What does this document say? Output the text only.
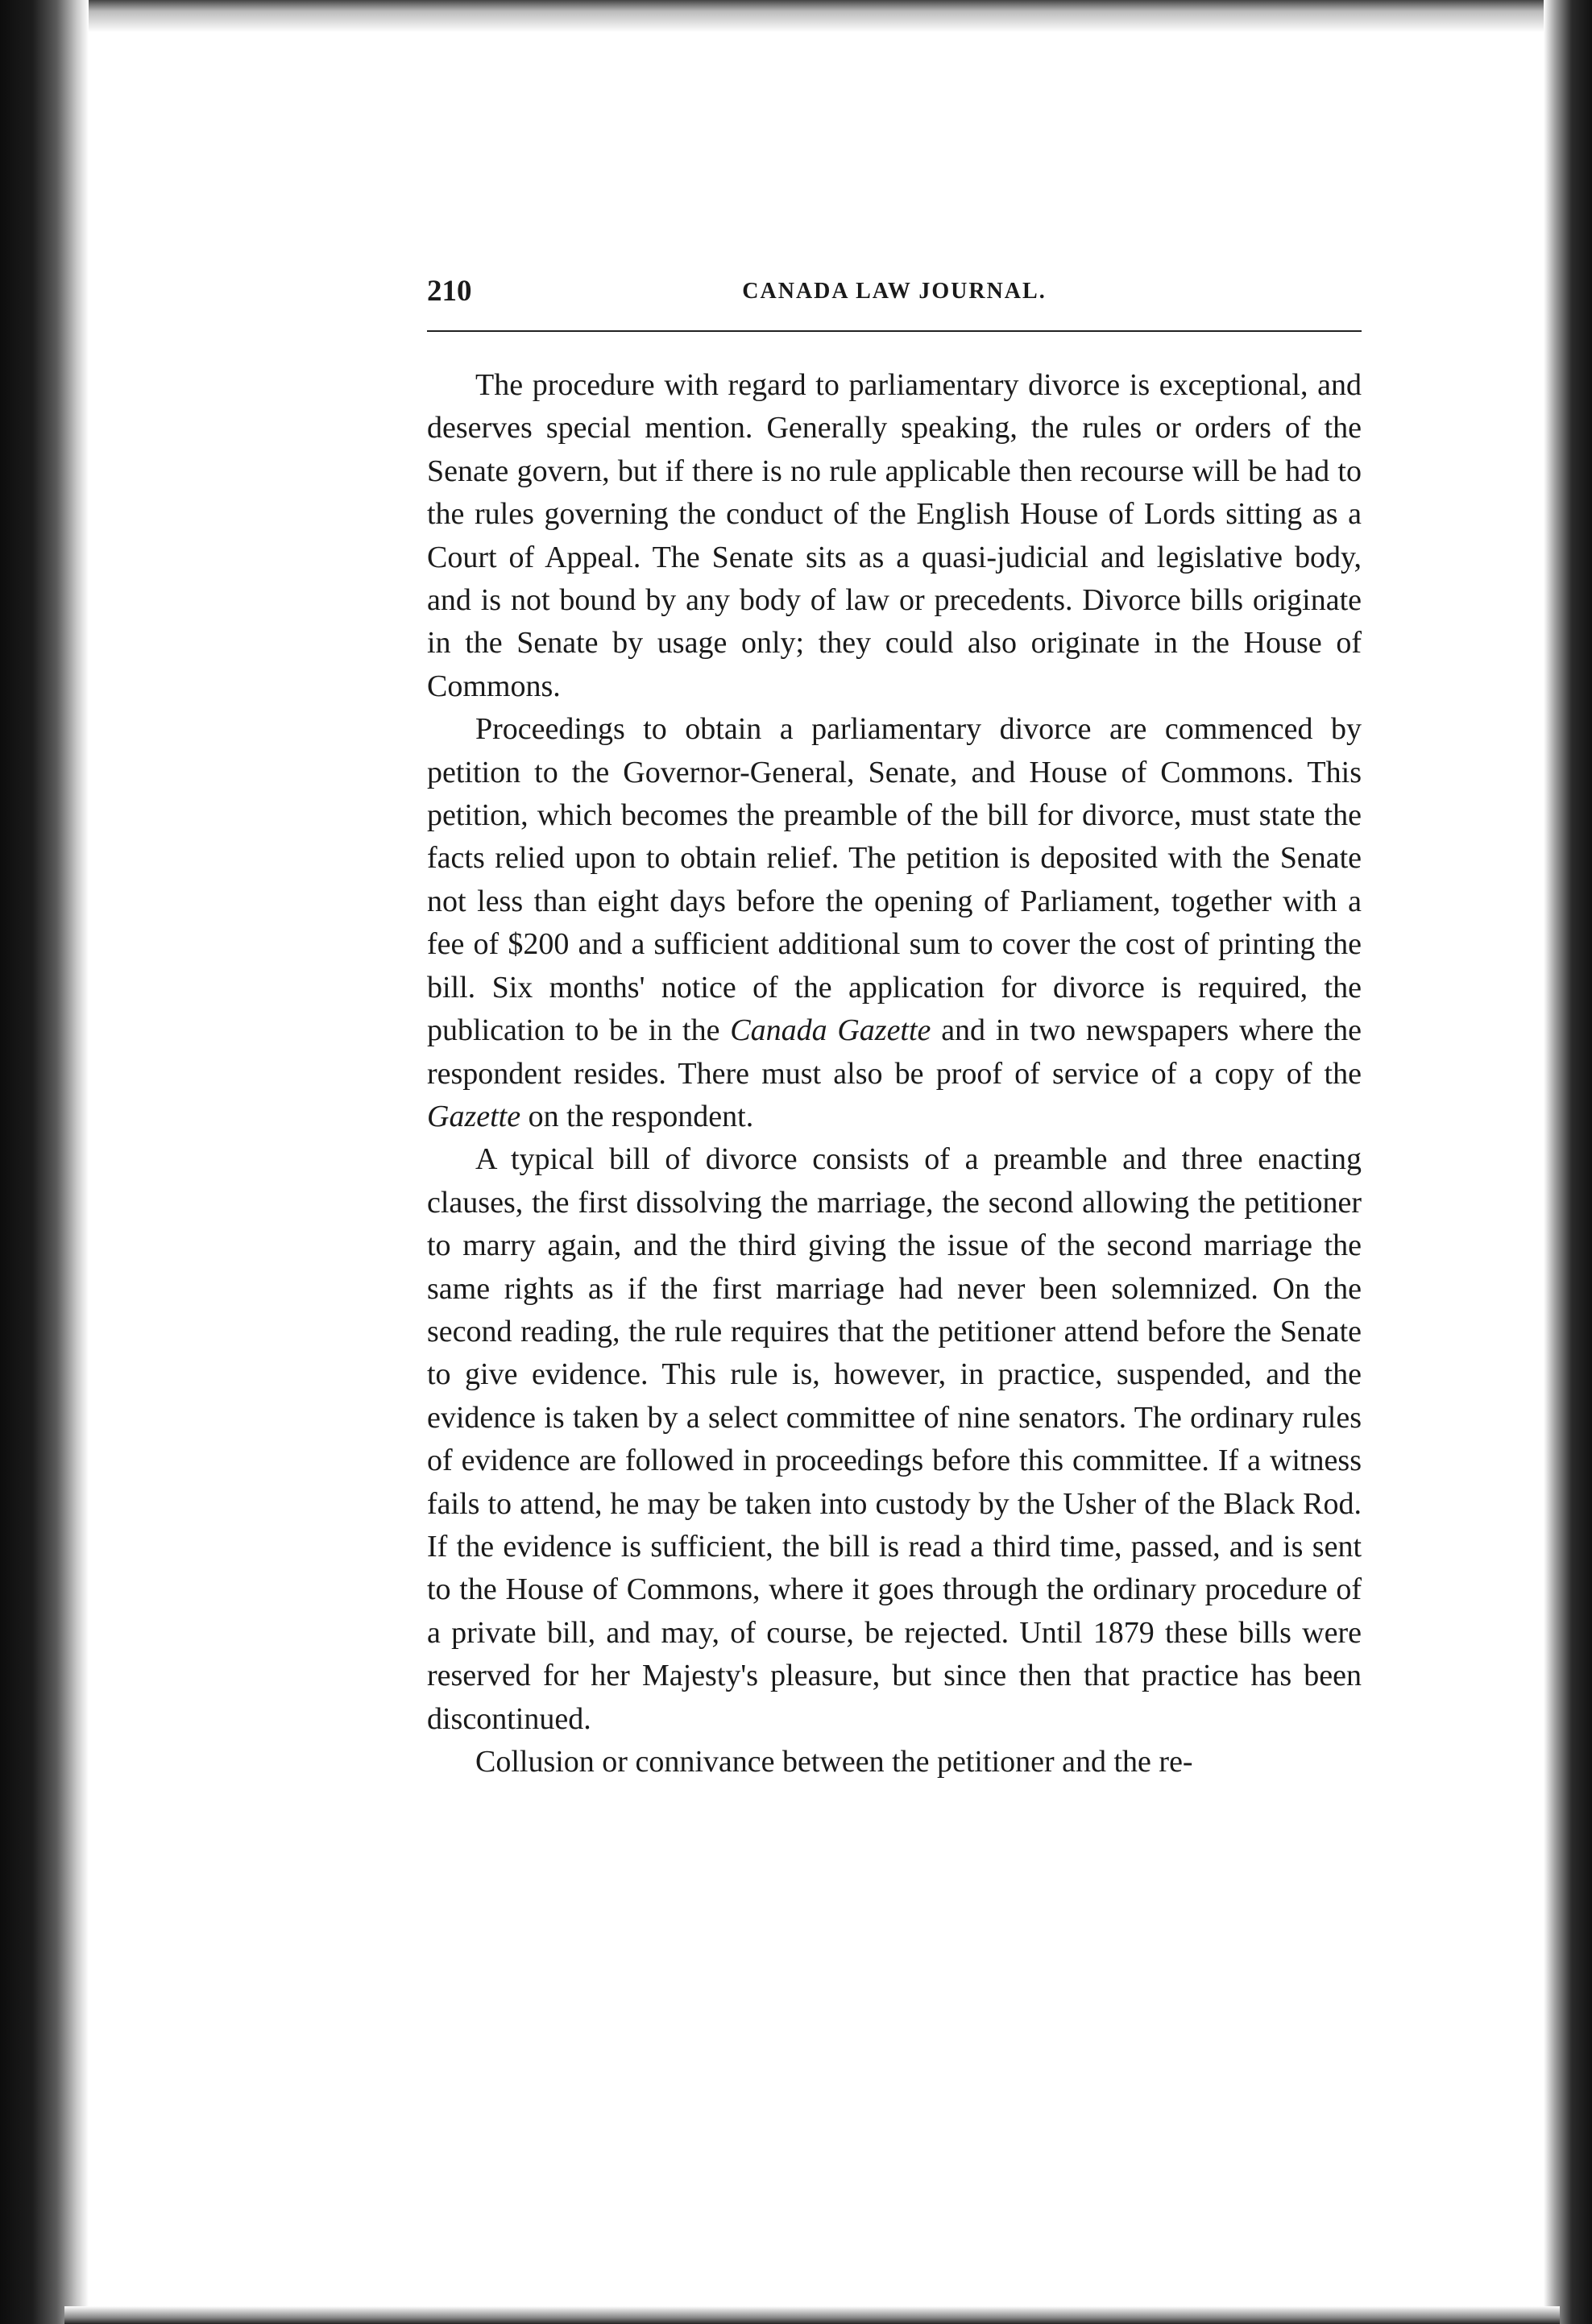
210	CANADA LAW JOURNAL.

The procedure with regard to parliamentary divorce is exceptional, and deserves special mention. Generally speaking, the rules or orders of the Senate govern, but if there is no rule applicable then recourse will be had to the rules governing the conduct of the English House of Lords sitting as a Court of Appeal. The Senate sits as a quasi-judicial and legislative body, and is not bound by any body of law or precedents. Divorce bills originate in the Senate by usage only; they could also originate in the House of Commons.

Proceedings to obtain a parliamentary divorce are commenced by petition to the Governor-General, Senate, and House of Commons. This petition, which becomes the preamble of the bill for divorce, must state the facts relied upon to obtain relief. The petition is deposited with the Senate not less than eight days before the opening of Parliament, together with a fee of $200 and a sufficient additional sum to cover the cost of printing the bill. Six months' notice of the application for divorce is required, the publication to be in the Canada Gazette and in two newspapers where the respondent resides. There must also be proof of service of a copy of the Gazette on the respondent.

A typical bill of divorce consists of a preamble and three enacting clauses, the first dissolving the marriage, the second allowing the petitioner to marry again, and the third giving the issue of the second marriage the same rights as if the first marriage had never been solemnized. On the second reading, the rule requires that the petitioner attend before the Senate to give evidence. This rule is, however, in practice, suspended, and the evidence is taken by a select committee of nine senators. The ordinary rules of evidence are followed in proceedings before this committee. If a witness fails to attend, he may be taken into custody by the Usher of the Black Rod. If the evidence is sufficient, the bill is read a third time, passed, and is sent to the House of Commons, where it goes through the ordinary procedure of a private bill, and may, of course, be rejected. Until 1879 these bills were reserved for her Majesty's pleasure, but since then that practice has been discontinued.

Collusion or connivance between the petitioner and the re-
